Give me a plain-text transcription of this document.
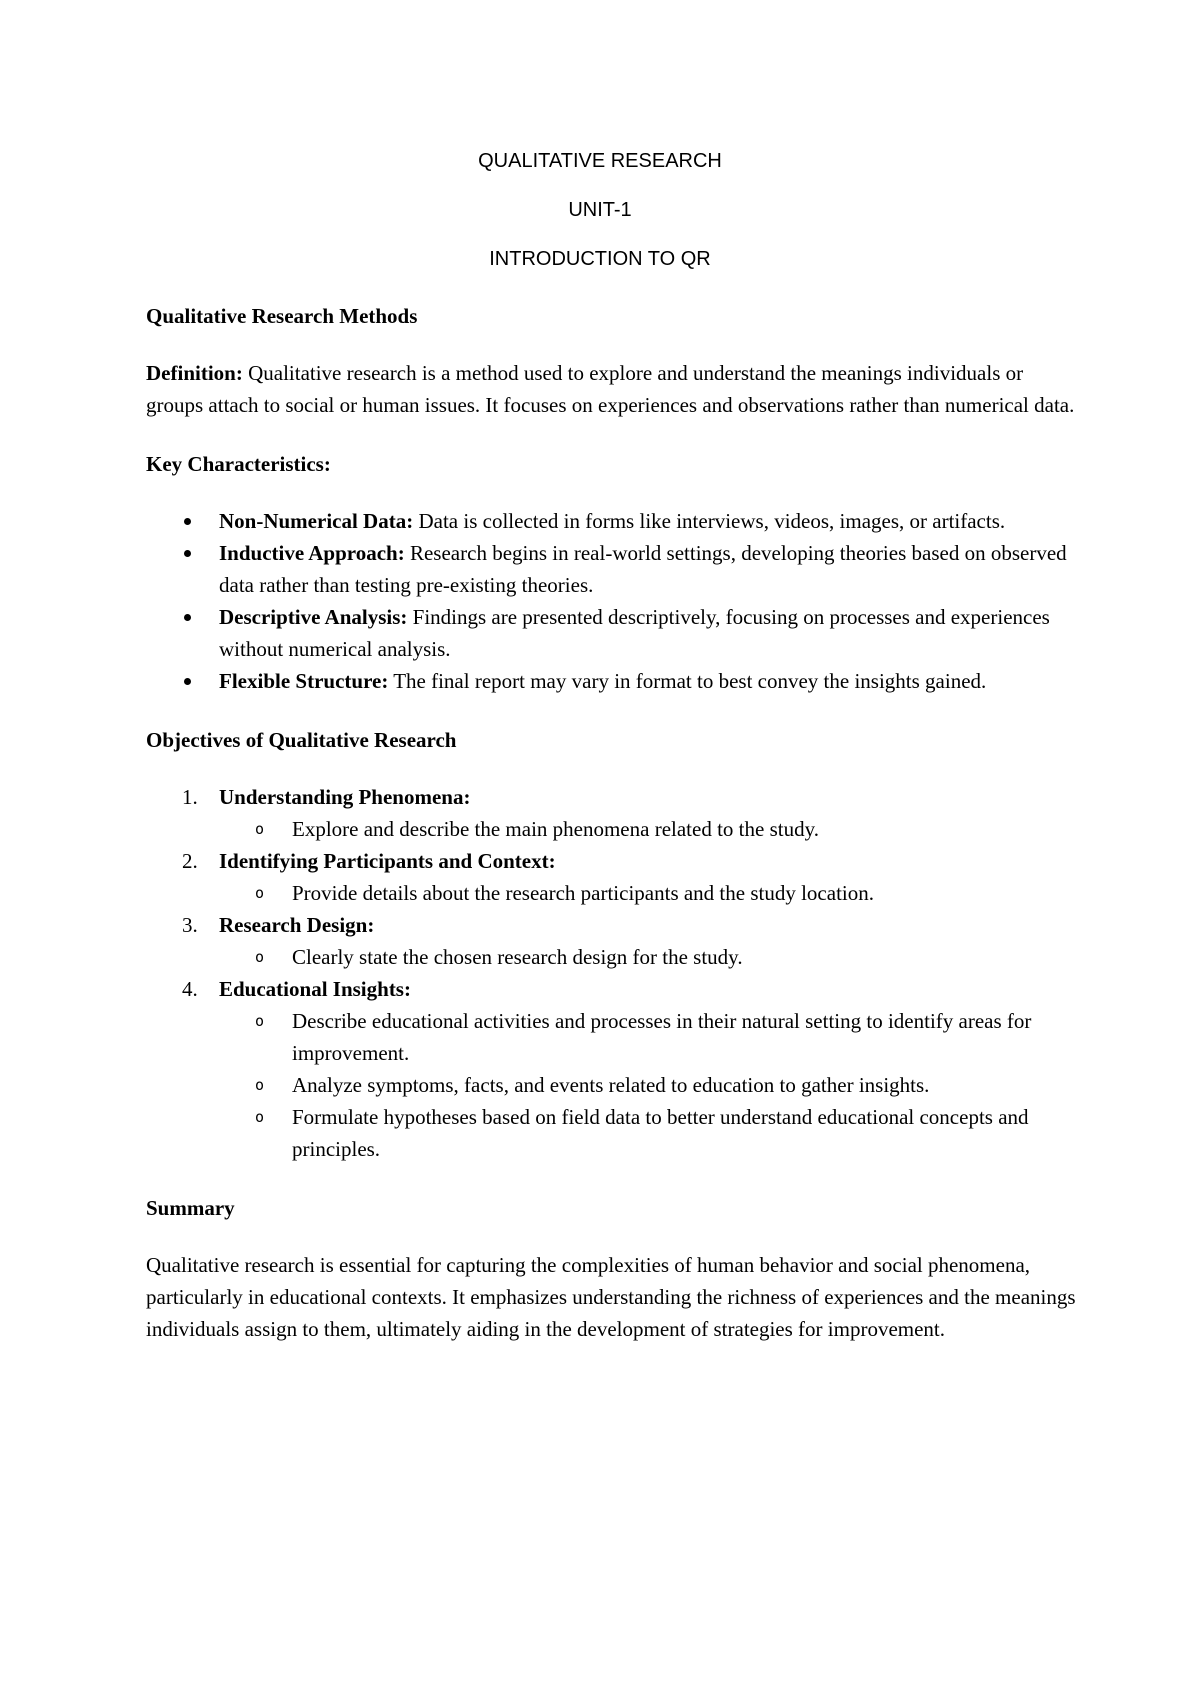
QUALITATIVE RESEARCH
UNIT-1
INTRODUCTION TO QR

Qualitative Research Methods

Definition: Qualitative research is a method used to explore and understand the meanings individuals or groups attach to social or human issues. It focuses on experiences and observations rather than numerical data.

Key Characteristics:

Non-Numerical Data: Data is collected in forms like interviews, videos, images, or artifacts.
Inductive Approach: Research begins in real-world settings, developing theories based on observed data rather than testing pre-existing theories.
Descriptive Analysis: Findings are presented descriptively, focusing on processes and experiences without numerical analysis.
Flexible Structure: The final report may vary in format to best convey the insights gained.

Objectives of Qualitative Research

1. Understanding Phenomena:
o Explore and describe the main phenomena related to the study.
2. Identifying Participants and Context:
o Provide details about the research participants and the study location.
3. Research Design:
o Clearly state the chosen research design for the study.
4. Educational Insights:
o Describe educational activities and processes in their natural setting to identify areas for improvement.
o Analyze symptoms, facts, and events related to education to gather insights.
o Formulate hypotheses based on field data to better understand educational concepts and principles.

Summary

Qualitative research is essential for capturing the complexities of human behavior and social phenomena, particularly in educational contexts. It emphasizes understanding the richness of experiences and the meanings individuals assign to them, ultimately aiding in the development of strategies for improvement.
